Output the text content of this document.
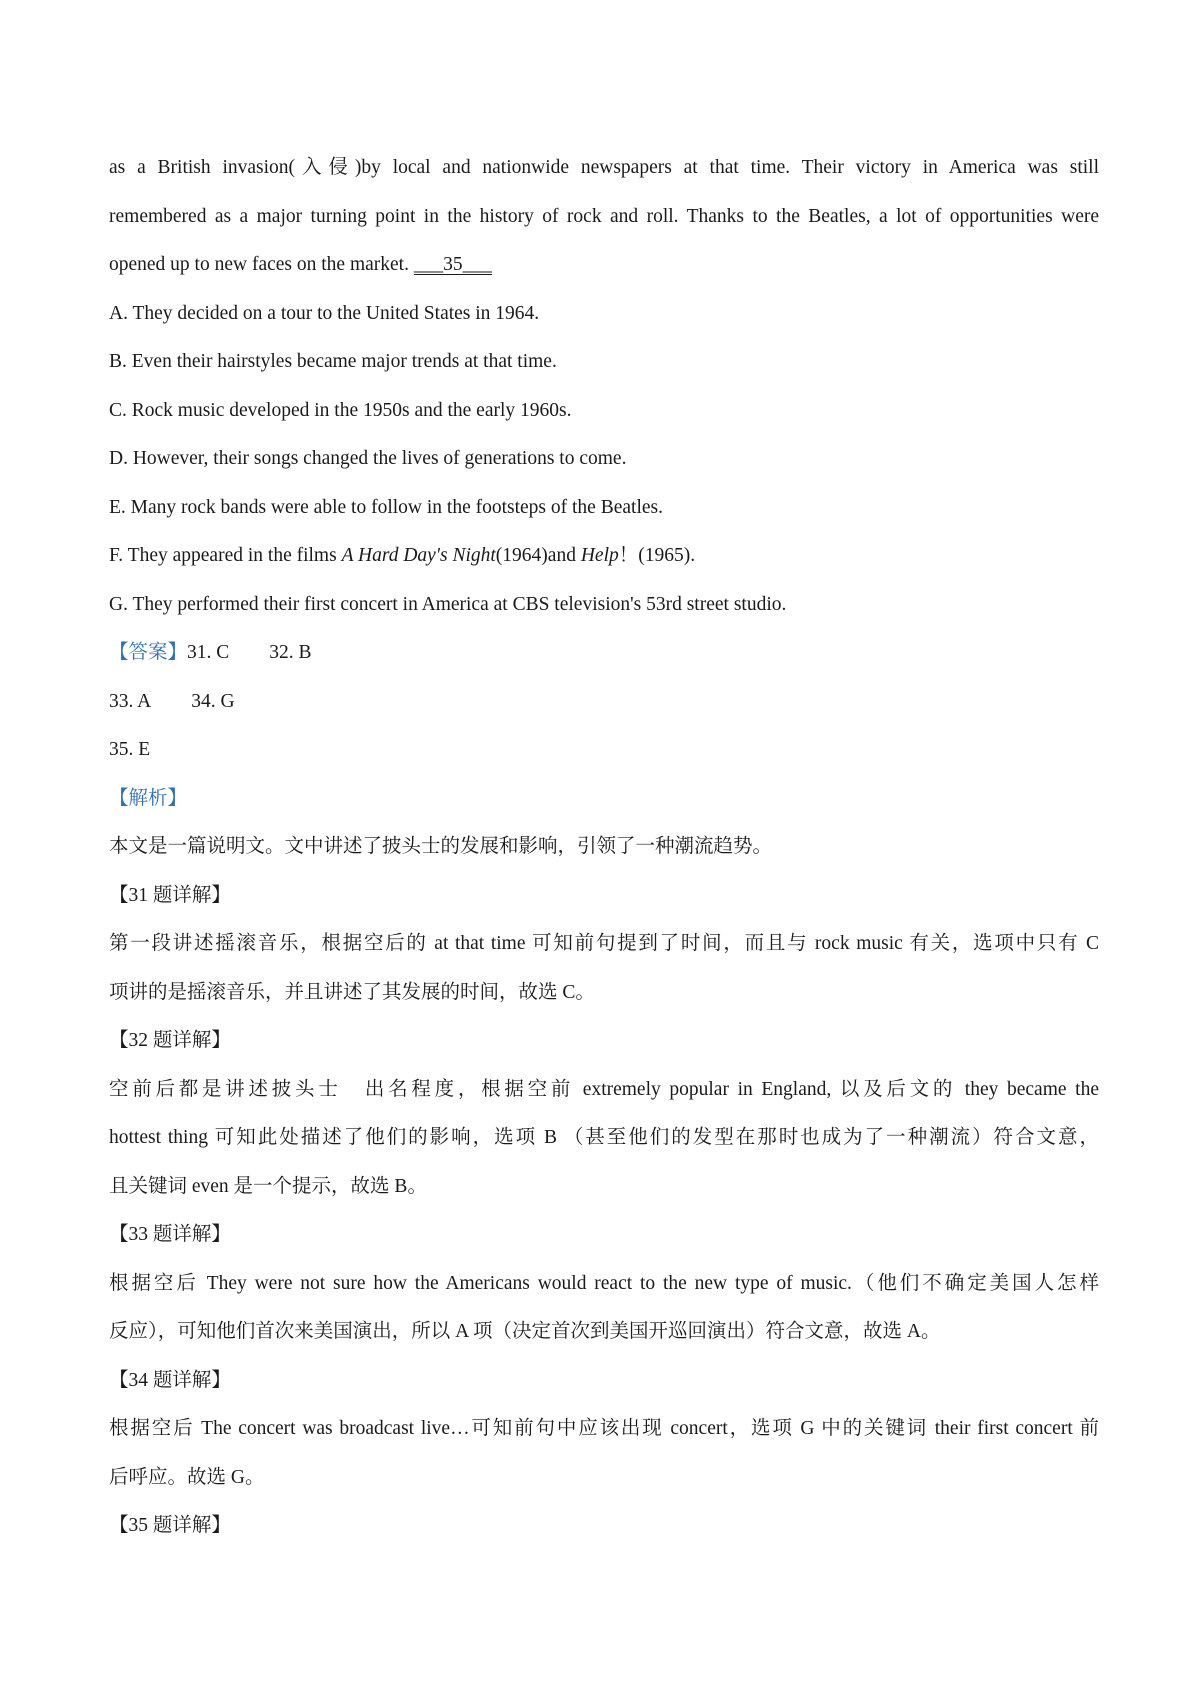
as a British invasion(入侵)by local and nationwide newspapers at that time. Their victory in America was still
remembered as a major turning point in the history of rock and roll. Thanks to the Beatles, a lot of opportunities were
opened up to new faces on the market. ___35___
A. They decided on a tour to the United States in 1964.
B. Even their hairstyles became major trends at that time.
C. Rock music developed in the 1950s and the early 1960s.
D. However, their songs changed the lives of generations to come.
E. Many rock bands were able to follow in the footsteps of the Beatles.
F. They appeared in the films A Hard Day's Night(1964)and Help！(1965).
G. They performed their first concert in America at CBS television's 53rd street studio.
【答案】31. C 32. B
33. A 34. G
35. E
【解析】
本文是一篇说明文。文中讲述了披头士的发展和影响，引领了一种潮流趋势。
【31 题详解】
第一段讲述摇滚音乐，根据空后的 at that time 可知前句提到了时间，而且与 rock music 有关，选项中只有 C
项讲的是摇滚音乐，并且讲述了其发展的时间，故选 C。
【32 题详解】
空前后都是讲述披头士　出名程度，根据空前 extremely popular in England, 以及后文的 they became the
hottest thing 可知此处描述了他们的影响，选项 B （甚至他们的发型在那时也成为了一种潮流）符合文意，
且关键词 even 是一个提示，故选 B。
【33 题详解】
根据空后 They were not sure how the Americans would react to the new type of music.（他们不确定美国人怎样
反应），可知他们首次来美国演出，所以 A 项（决定首次到美国开巡回演出）符合文意，故选 A。
【34 题详解】
根据空后 The concert was broadcast live…可知前句中应该出现 concert，选项 G 中的关键词 their first concert 前
后呼应。故选 G。
【35 题详解】
